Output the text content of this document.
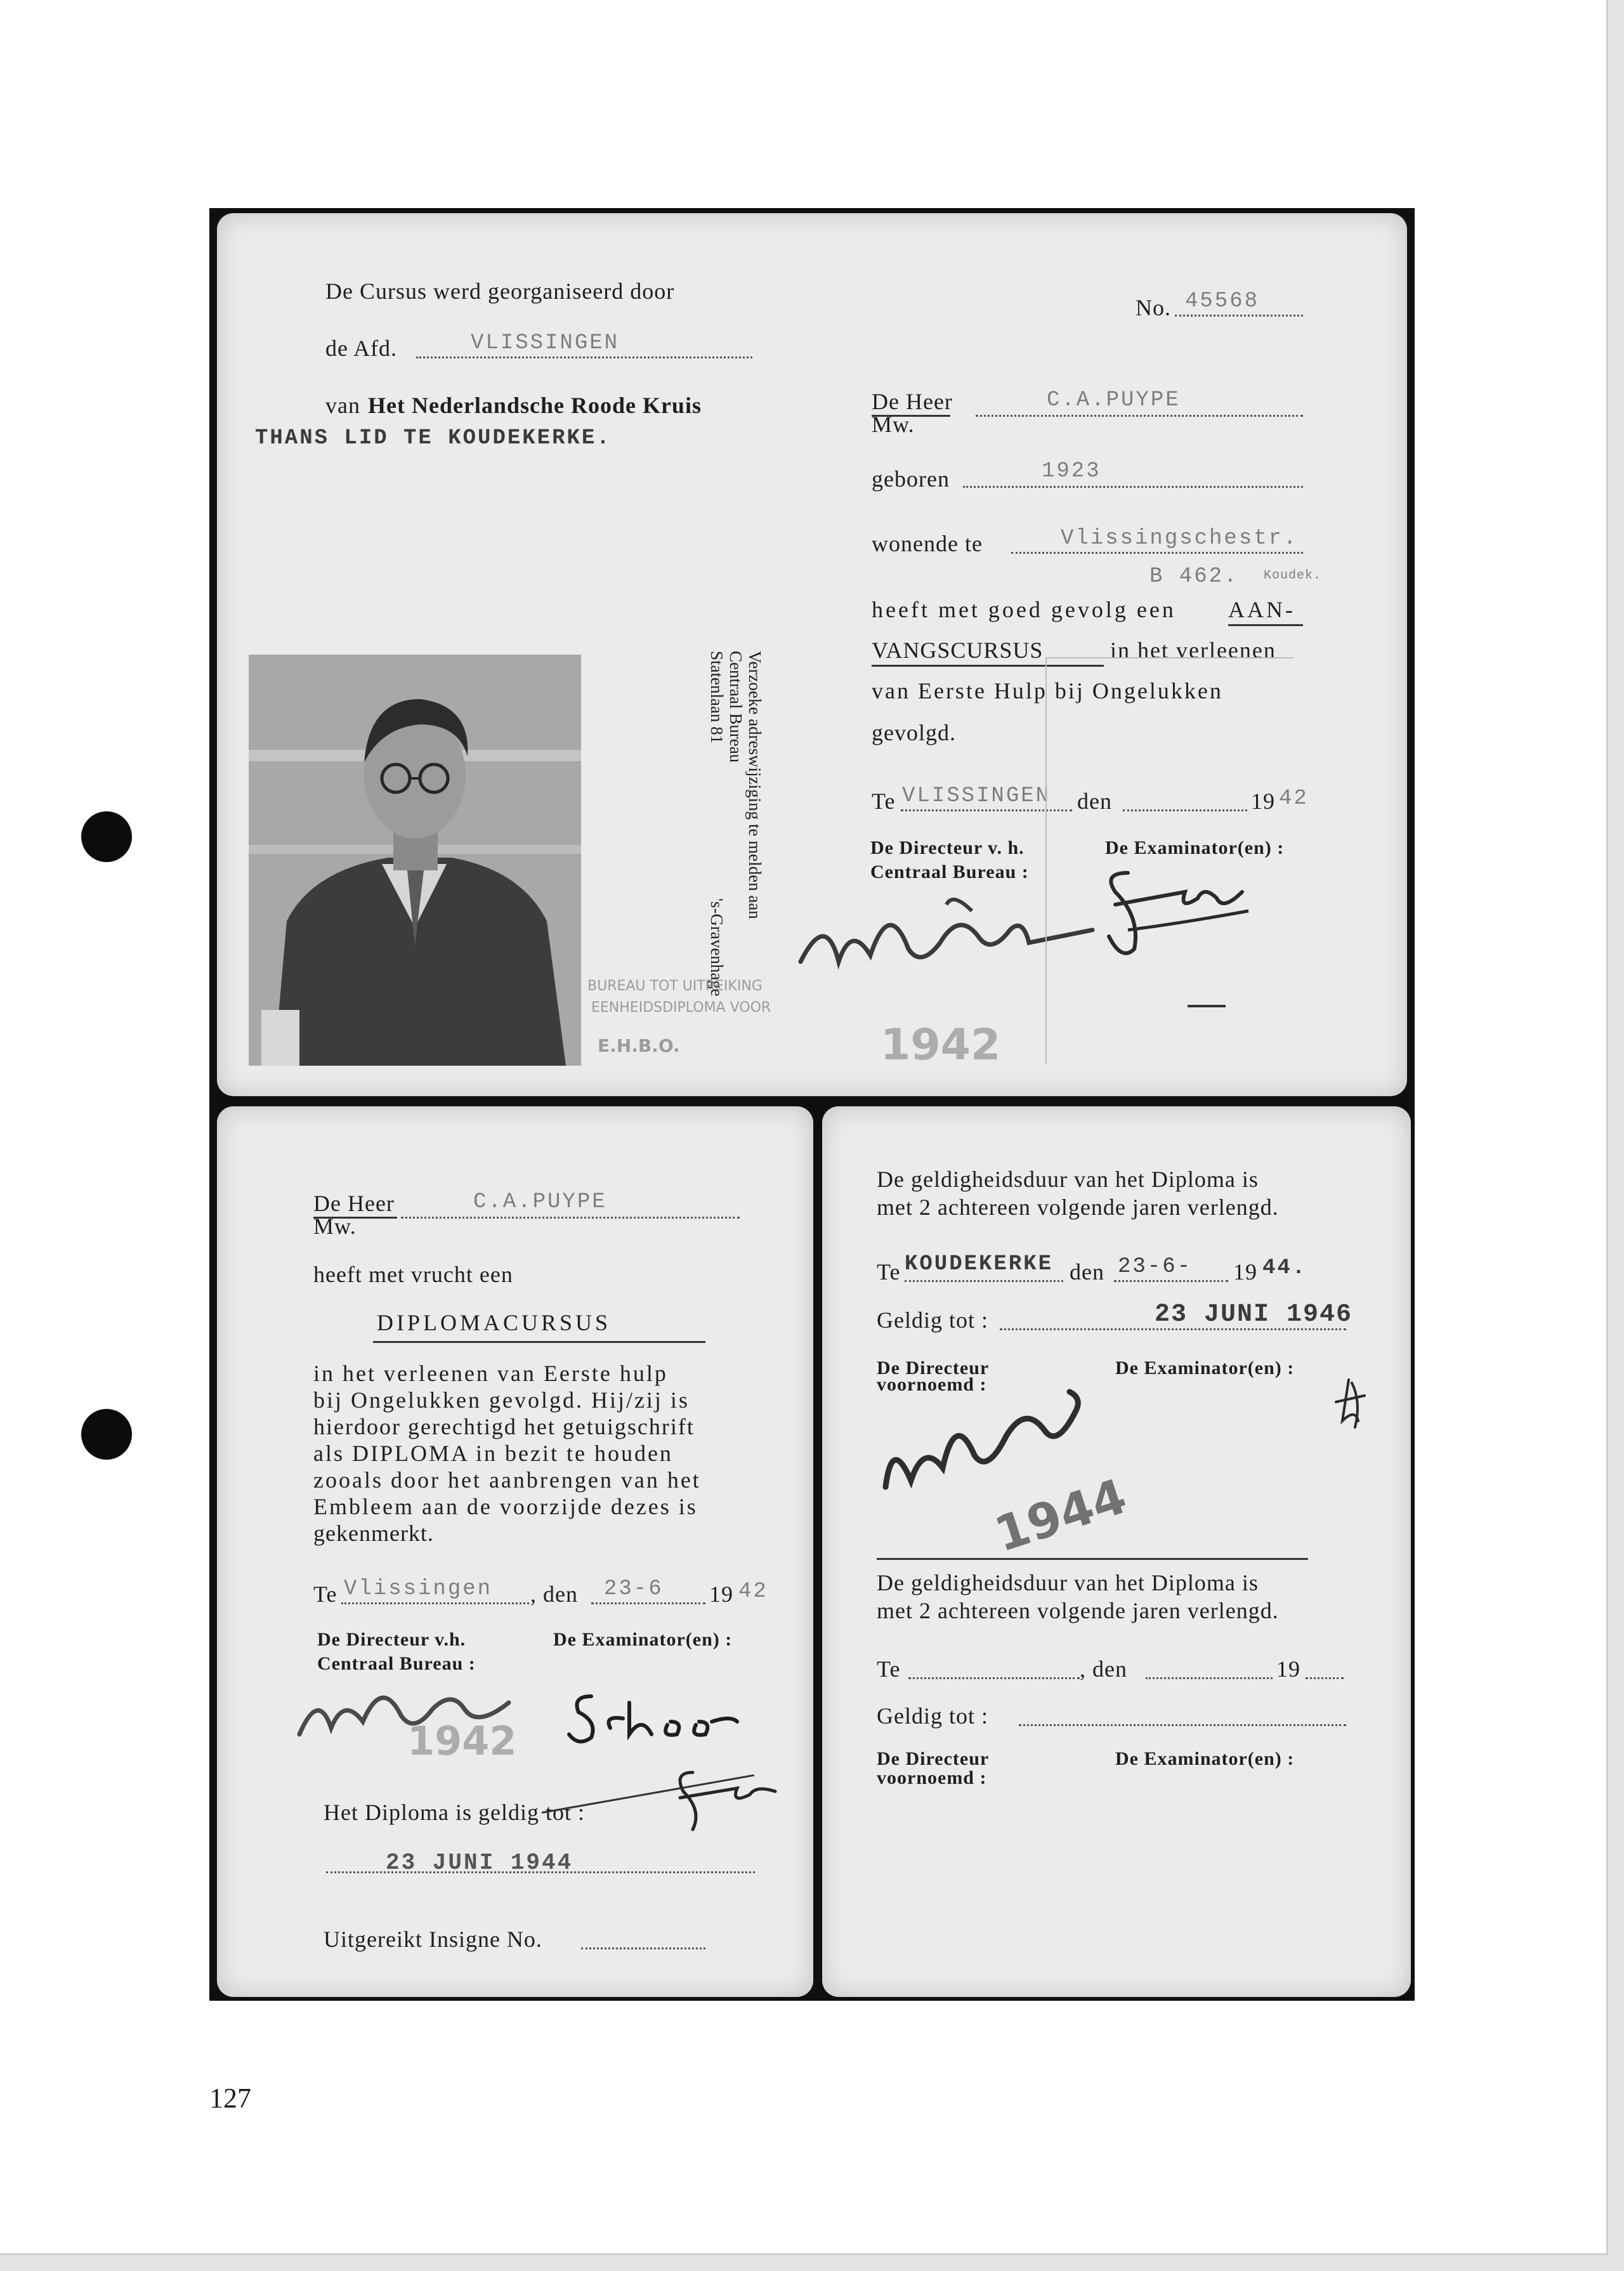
127
De Cursus werd georganiseerd door
de Afd.	VLISSINGEN
van Het Nederlandsche Roode Kruis
THANS LID TE KOUDEKERKE.
Verzoeke adreswijziging te melden aan
Centraal Bureau
Statenlaan 81
's-Gravenhage
BUREAU TOT UITREIKING
EENHEIDSDIPLOMA VOOR
E.H.B.O.	1942
No. 45568
De Heer
Mw.
C.A.PUYPE
geboren	1923
wonende te	Vlissingschestr.
B 462. Koudek.
heeft met goed gevolg een AAN-
VANGSCURSUS	in het verleenen
van Eerste Hulp bij Ongelukken
gevolgd.
Te VLISSINGEN den	19 42
De Directeur v. h.
Centraal Bureau :
De Examinator(en) :
De Heer
Mw.
C.A.PUYPE
heeft met vrucht een
DIPLOMACURSUS
in het verleenen van Eerste hulp
bij Ongelukken gevolgd. Hij/zij is
hierdoor gerechtigd het getuigschrift
als DIPLOMA in bezit te houden
zooals door het aanbrengen van het
Embleem aan de voorzijde dezes is
gekenmerkt.
Te Vlissingen , den 23-6 19 42
De Directeur v.h.
Centraal Bureau :
De Examinator(en) :
1942
Het Diploma is geldig tot :
23 JUNI 1944
Uitgereikt Insigne No.
De geldigheidsduur van het Diploma is
met 2 achtereen volgende jaren verlengd.
Te KOUDEKERKE den 23-6- 19 44.
Geldig tot :	23 JUNI 1946
De Directeur
voornoemd :
De Examinator(en) :
1944
De geldigheidsduur van het Diploma is
met 2 achtereen volgende jaren verlengd.
Te	, den	19
Geldig tot :
De Directeur
voornoemd :
De Examinator(en) :
